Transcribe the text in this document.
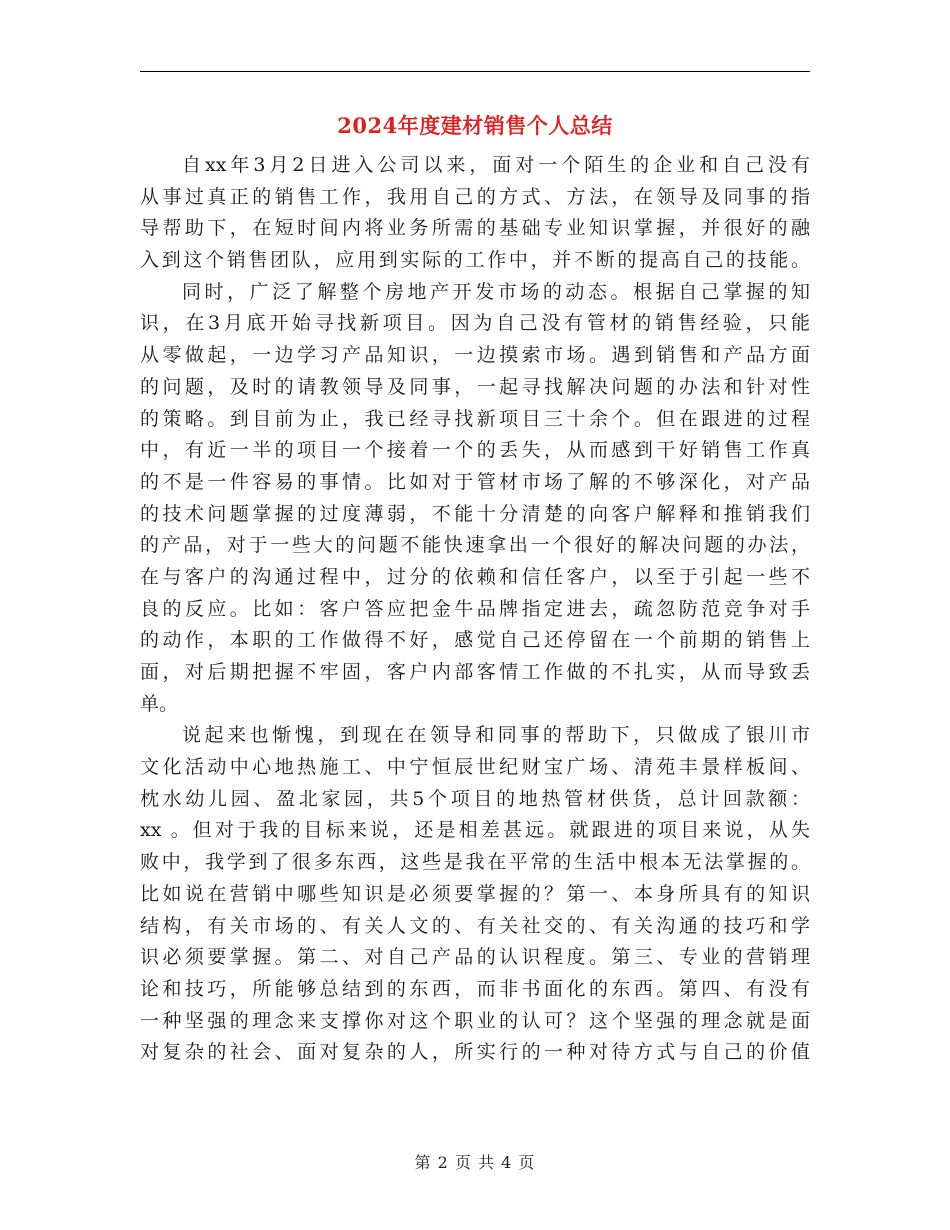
2024年度建材销售个人总结
自xx年3月2日进入公司以来，面对一个陌生的企业和自己没有
从事过真正的销售工作，我用自己的方式、方法，在领导及同事的指
导帮助下，在短时间内将业务所需的基础专业知识掌握，并很好的融
入到这个销售团队，应用到实际的工作中，并不断的提高自己的技能。
同时，广泛了解整个房地产开发市场的动态。根据自己掌握的知
识，在3月底开始寻找新项目。因为自己没有管材的销售经验，只能
从零做起，一边学习产品知识，一边摸索市场。遇到销售和产品方面
的问题，及时的请教领导及同事，一起寻找解决问题的办法和针对性
的策略。到目前为止，我已经寻找新项目三十余个。但在跟进的过程
中，有近一半的项目一个接着一个的丢失，从而感到干好销售工作真
的不是一件容易的事情。比如对于管材市场了解的不够深化，对产品
的技术问题掌握的过度薄弱，不能十分清楚的向客户解释和推销我们
的产品，对于一些大的问题不能快速拿出一个很好的解决问题的办法，
在与客户的沟通过程中，过分的依赖和信任客户，以至于引起一些不
良的反应。比如：客户答应把金牛品牌指定进去，疏忽防范竞争对手
的动作，本职的工作做得不好，感觉自己还停留在一个前期的销售上
面，对后期把握不牢固，客户内部客情工作做的不扎实，从而导致丢
单。
说起来也惭愧，到现在在领导和同事的帮助下，只做成了银川市
文化活动中心地热施工、中宁恒辰世纪财宝广场、清苑丰景样板间、
枕水幼儿园、盈北家园，共5个项目的地热管材供货，总计回款额：
xx 。但对于我的目标来说，还是相差甚远。就跟进的项目来说，从失
败中，我学到了很多东西，这些是我在平常的生活中根本无法掌握的。
比如说在营销中哪些知识是必须要掌握的？第一、本身所具有的知识
结构，有关市场的、有关人文的、有关社交的、有关沟通的技巧和学
识必须要掌握。第二、对自己产品的认识程度。第三、专业的营销理
论和技巧，所能够总结到的东西，而非书面化的东西。第四、有没有
一种坚强的理念来支撑你对这个职业的认可？这个坚强的理念就是面
对复杂的社会、面对复杂的人，所实行的一种对待方式与自己的价值
第 2 页 共 4 页
